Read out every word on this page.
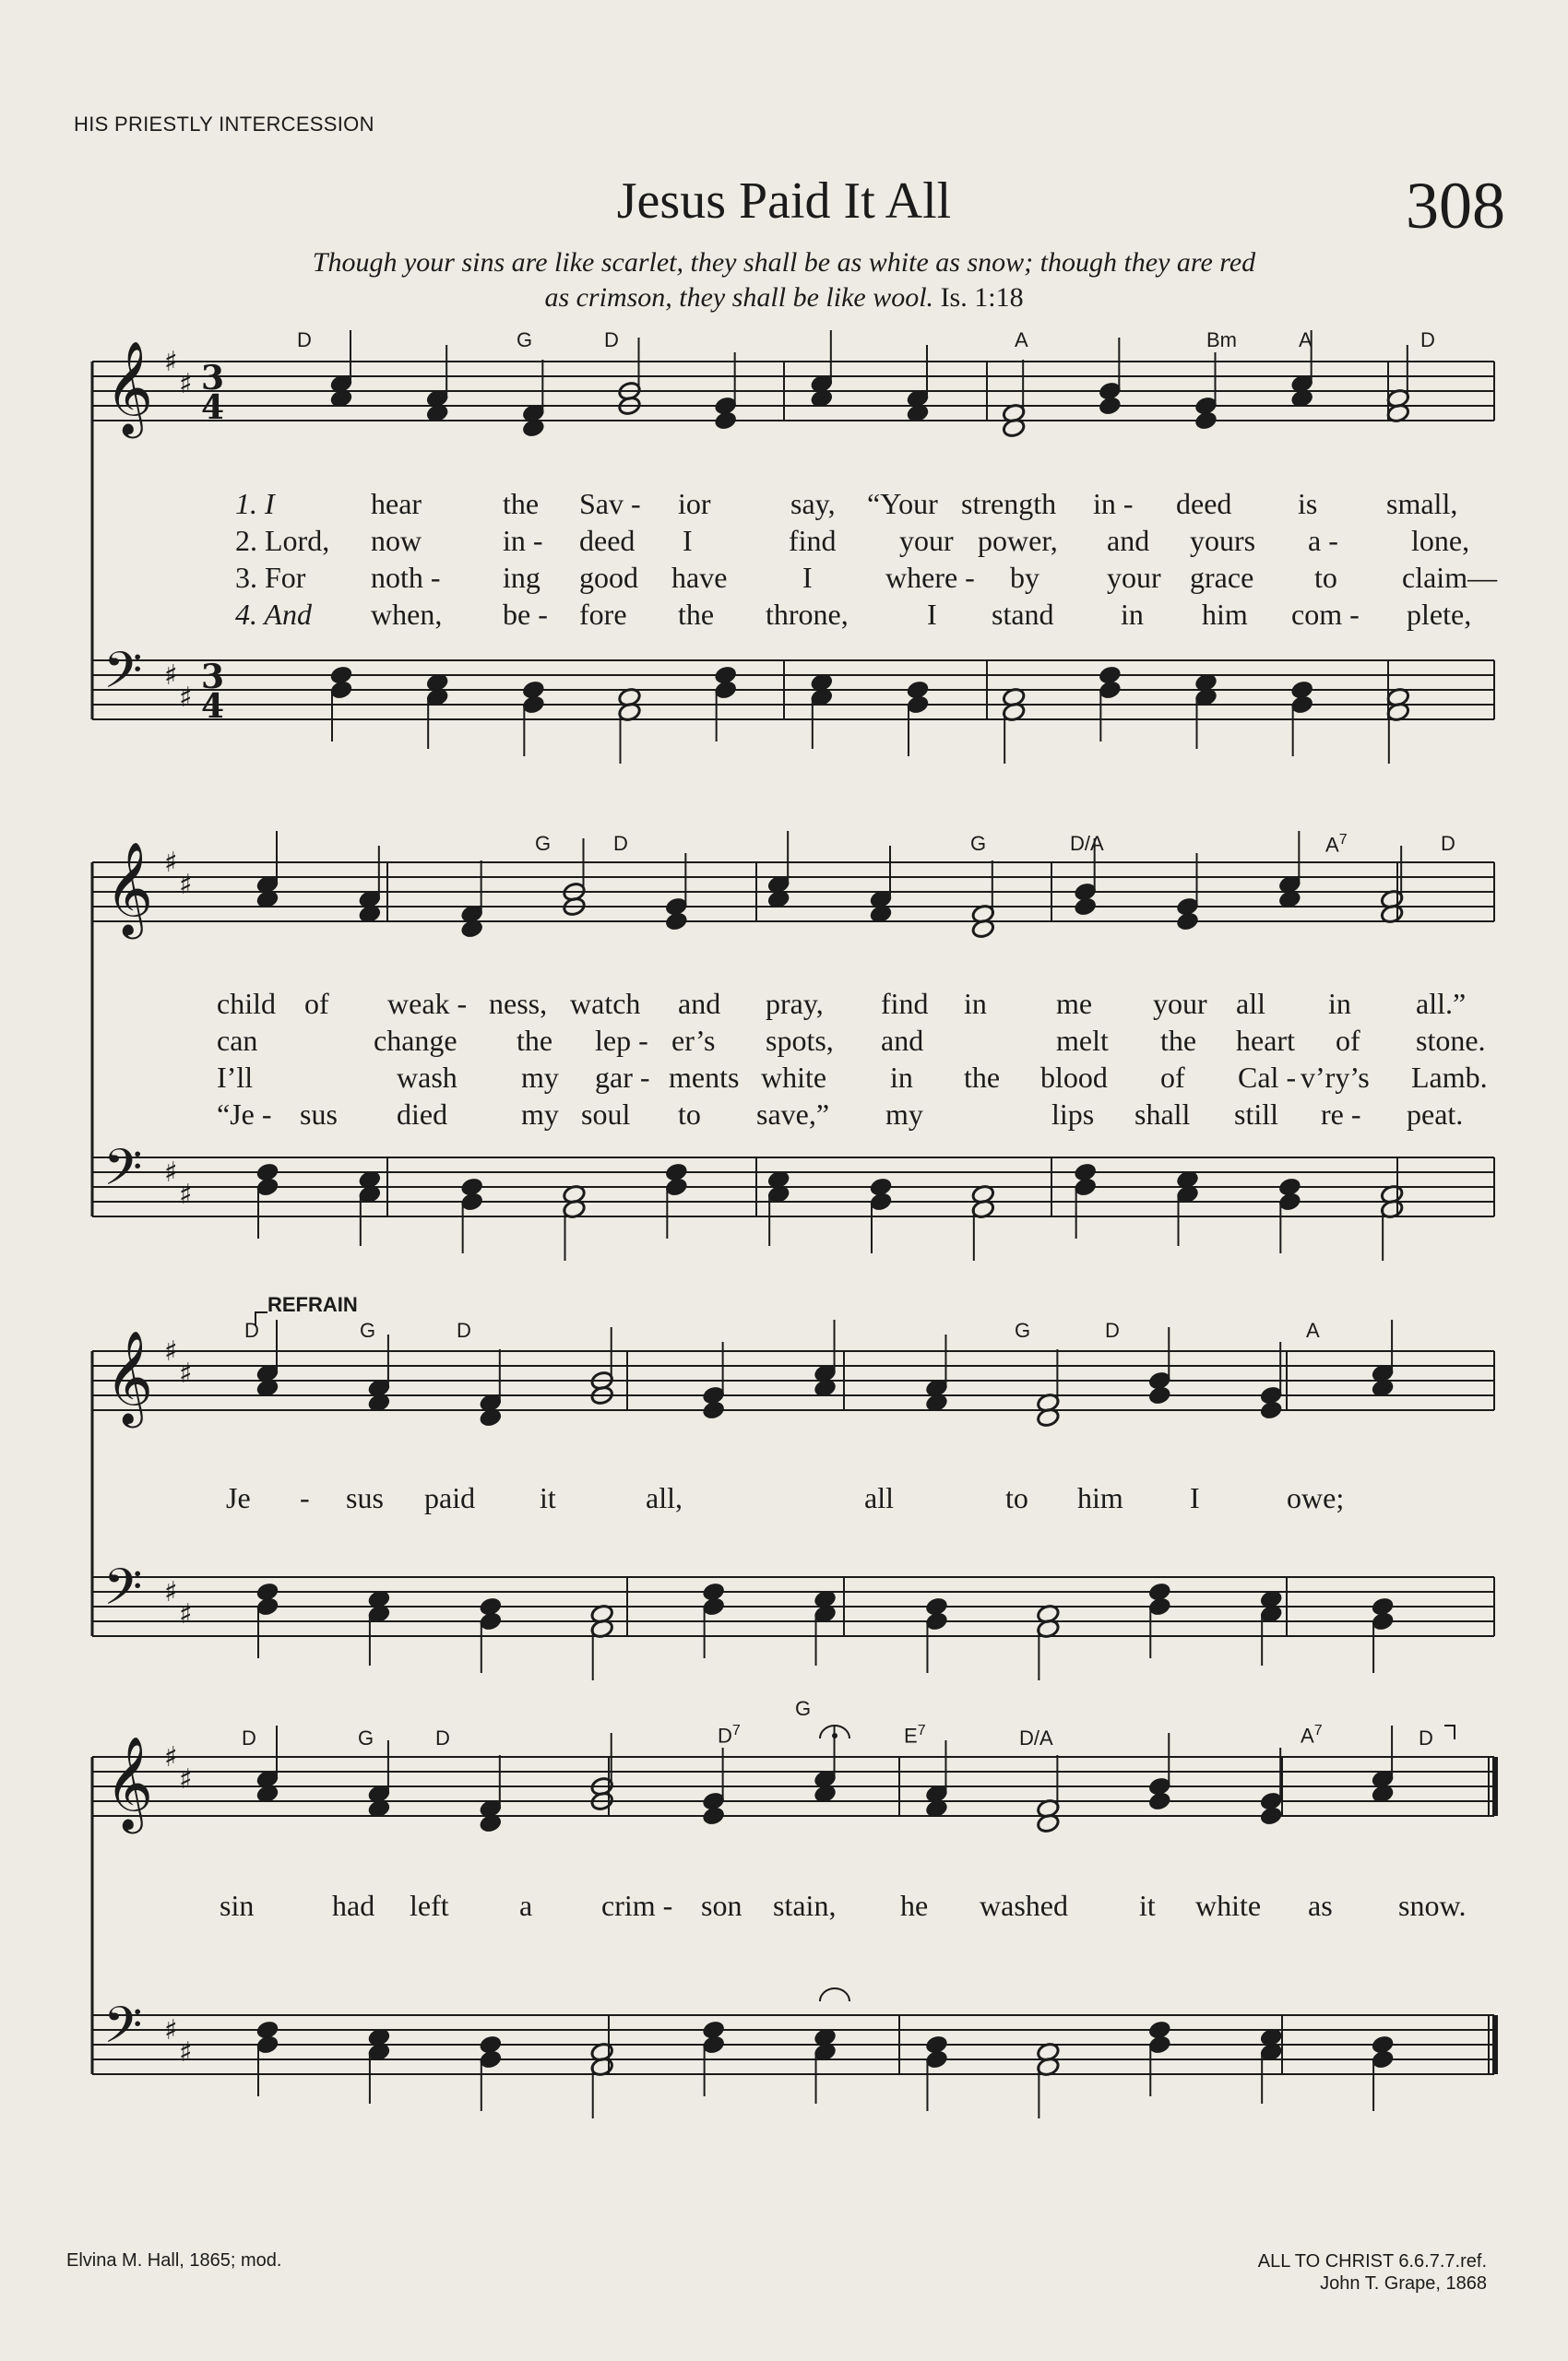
HIS PRIESTLY INTERCESSION
Jesus Paid It All	308
Though your sins are like scarlet, they shall be as white as snow; though they are red
as crimson, they shall be like wool. Is. 1:18
𝄞
𝄢
♯
♯
♯
♯
3
4
3
4
𝄞
𝄢
♯
♯
♯
♯
𝄞
𝄢
♯
♯
♯
♯
𝄞
𝄢
♯
♯
♯
♯
D	G	D	A	Bm	A	D
1. I	hear	the Sav - ior	say, “Your strength in - deed is small,
2. Lord, now	in - deed I	find your power, and yours a - lone,
3. For noth - ing good have	I where - by your grace to claim—
4. And when, be - fore the throne,	I stand in him com - plete,
G	D	G	D/A	$A^7$	D
child of weak - ness, watch and pray, find in me your all in all.”
can	change the lep - er’s spots, and	melt the heart of stone.
I’ll	wash my gar - ments white in the blood of Cal - v’ry’s Lamb.
“Je - sus died my soul to save,” my	lips shall still re - peat.
REFRAIN
D	G	D	G	D	A
Je - sus paid it	all,	all	to him I	owe;
D	G	D	$D^7$
G
$E^7$	D/A	$A^7$	D
sin	had left a crim - son stain, he washed it white as snow.
Elvina M. Hall, 1865; mod.	ALL TO CHRIST 6.6.7.7.ref.
John T. Grape, 1868
